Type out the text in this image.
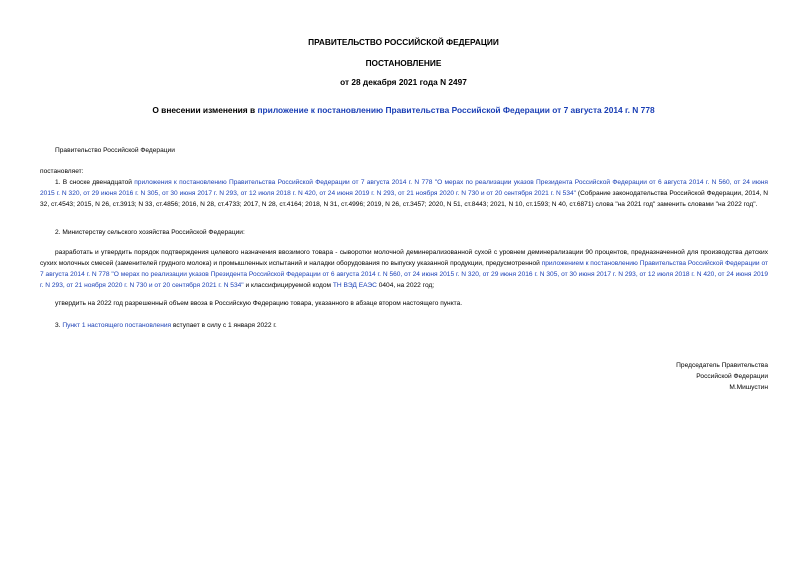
ПРАВИТЕЛЬСТВО РОССИЙСКОЙ ФЕДЕРАЦИИ
ПОСТАНОВЛЕНИЕ
от 28 декабря 2021 года N 2497
О внесении изменения в приложение к постановлению Правительства Российской Федерации от 7 августа 2014 г. N 778
Правительство Российской Федерации
постановляет:
1. В сноске двенадцатой приложения к постановлению Правительства Российской Федерации от 7 августа 2014 г. N 778 "О мерах по реализации указов Президента Российской Федерации от 6 августа 2014 г. N 560, от 24 июня 2015 г. N 320, от 29 июня 2016 г. N 305, от 30 июня 2017 г. N 293, от 12 июля 2018 г. N 420, от 24 июня 2019 г. N 293, от 21 ноября 2020 г. N 730 и от 20 сентября 2021 г. N 534" (Собрание законодательства Российской Федерации, 2014, N 32, ст.4543; 2015, N 26, ст.3913; N 33, ст.4856; 2016, N 28, ст.4733; 2017, N 28, ст.4164; 2018, N 31, ст.4996; 2019, N 26, ст.3457; 2020, N 51, ст.8443; 2021, N 10, ст.1593; N 40, ст.6871) слова "на 2021 год" заменить словами "на 2022 год".
2. Министерству сельского хозяйства Российской Федерации:
разработать и утвердить порядок подтверждения целевого назначения ввозимого товара - сыворотки молочной деминерализованной сухой с уровнем деминерализации 90 процентов, предназначенной для производства детских сухих молочных смесей (заменителей грудного молока) и промышленных испытаний и наладки оборудования по выпуску указанной продукции, предусмотренной приложением к постановлению Правительства Российской Федерации от 7 августа 2014 г. N 778 "О мерах по реализации указов Президента Российской Федерации от 6 августа 2014 г. N 560, от 24 июня 2015 г. N 320, от 29 июня 2016 г. N 305, от 30 июня 2017 г. N 293, от 12 июля 2018 г. N 420, от 24 июня 2019 г. N 293, от 21 ноября 2020 г. N 730 и от 20 сентября 2021 г. N 534" и классифицируемой кодом ТН ВЭД ЕАЭС 0404, на 2022 год;
утвердить на 2022 год разрешенный объем ввоза в Российскую Федерацию товара, указанного в абзаце втором настоящего пункта.
3. Пункт 1 настоящего постановления вступает в силу с 1 января 2022 г.
Председатель Правительства
Российской Федерации
М.Мишустин
